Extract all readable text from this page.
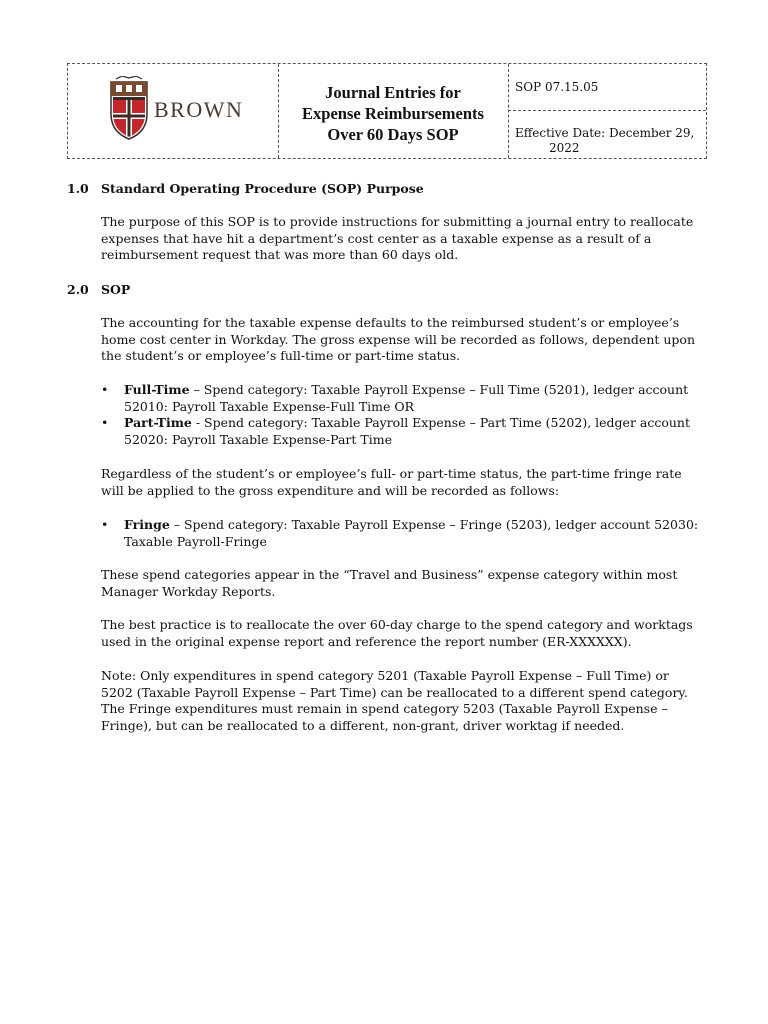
BROWN
Journal Entries for
Expense Reimbursements
Over 60 Days SOP
SOP 07.15.05
Effective Date: December 29,
2022
1.0 Standard Operating Procedure (SOP) Purpose
The purpose of this SOP is to provide instructions for submitting a journal entry to reallocate expenses that have hit a department’s cost center as a taxable expense as a result of a reimbursement request that was more than 60 days old.
2.0 SOP
The accounting for the taxable expense defaults to the reimbursed student’s or employee’s home cost center in Workday. The gross expense will be recorded as follows, dependent upon the student’s or employee’s full-time or part-time status.
•	Full-Time – Spend category: Taxable Payroll Expense – Full Time (5201), ledger account 52010: Payroll Taxable Expense-Full Time OR
•	Part-Time - Spend category: Taxable Payroll Expense – Part Time (5202), ledger account 52020: Payroll Taxable Expense-Part Time
Regardless of the student’s or employee’s full- or part-time status, the part-time fringe rate will be applied to the gross expenditure and will be recorded as follows:
•	Fringe – Spend category: Taxable Payroll Expense – Fringe (5203), ledger account 52030: Taxable Payroll-Fringe
These spend categories appear in the “Travel and Business” expense category within most Manager Workday Reports.
The best practice is to reallocate the over 60-day charge to the spend category and worktags used in the original expense report and reference the report number (ER-XXXXXX).
Note: Only expenditures in spend category 5201 (Taxable Payroll Expense – Full Time) or 5202 (Taxable Payroll Expense – Part Time) can be reallocated to a different spend category. The Fringe expenditures must remain in spend category 5203 (Taxable Payroll Expense – Fringe), but can be reallocated to a different, non-grant, driver worktag if needed.
